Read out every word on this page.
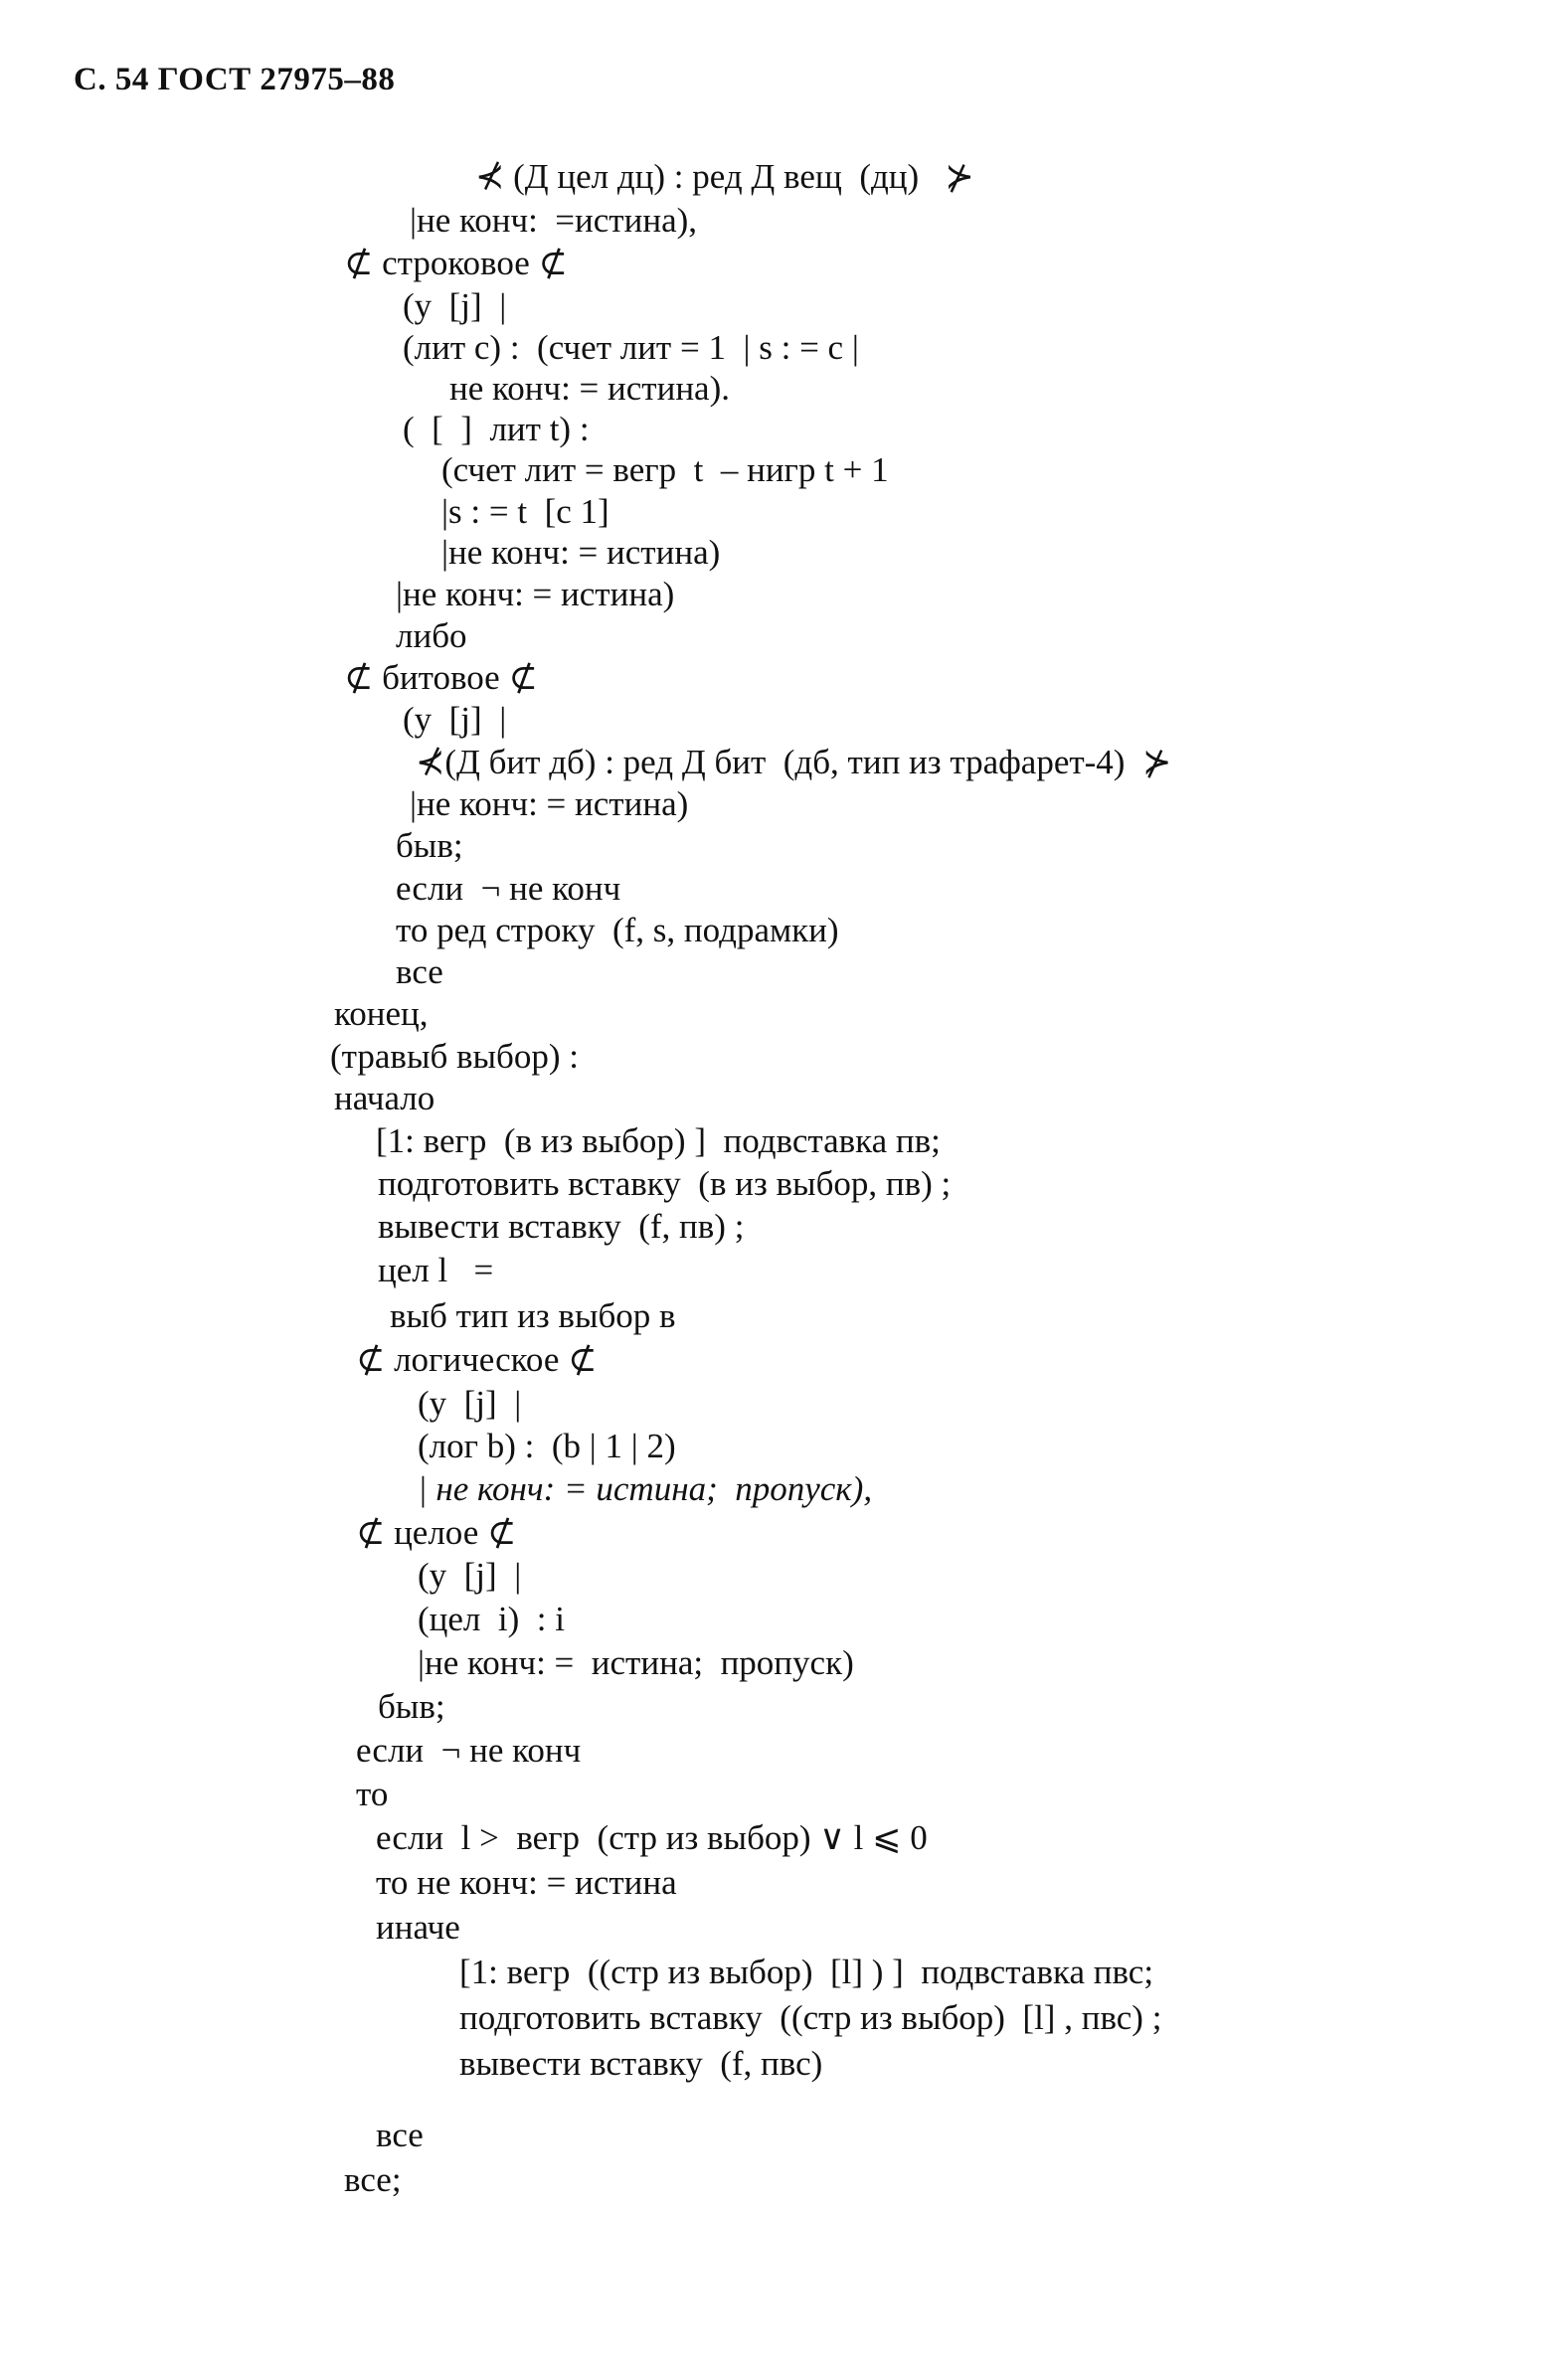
С. 54 ГОСТ 27975–88
⊀ (Д цел дц) : ред Д вещ  (дц)   ⊁
|не конч:  =истина),
⊄ строковое ⊄
(у  [j]  |
(лит c) :  (счет лит = 1  | s : = c |
не конч: = истина).
(  [  ]  лит t) :
(счет лит = вегр  t  – нигр t + 1
|s : = t  [c 1]
|не конч: = истина)
|не конч: = истина)
либо
⊄ битовое ⊄
(у  [j]  |
⊀(Д бит дб) : ред Д бит  (дб, тип из трафарет-4)  ⊁
|не конч: = истина)
быв;
если  ¬ не конч
то ред строку  (f, s, подрамки)
все
конец,
(травыб выбор) :
начало
[1: вегр  (в из выбор) ]  подвставка пв;
подготовить вставку  (в из выбор, пв) ;
вывести вставку  (f, пв) ;
цел l   =
выб тип из выбор в
⊄ логическое ⊄
(у  [j]  |
(лог b) :  (b | 1 | 2)
| не конч: = истина;  пропуск),
⊄ целое ⊄
(у  [j]  |
(цел  i)  : i
|не конч: =  истина;  пропуск)
быв;
если  ¬ не конч
то
если  l >  вегр  (стр из выбор) ∨ l ⩽ 0
то не конч: = истина
иначе
[1: вегр  ((стр из выбор)  [l] ) ]  подвставка пвс;
подготовить вставку  ((стр из выбор)  [l] , пвс) ;
вывести вставку  (f, пвс)
все
все;
